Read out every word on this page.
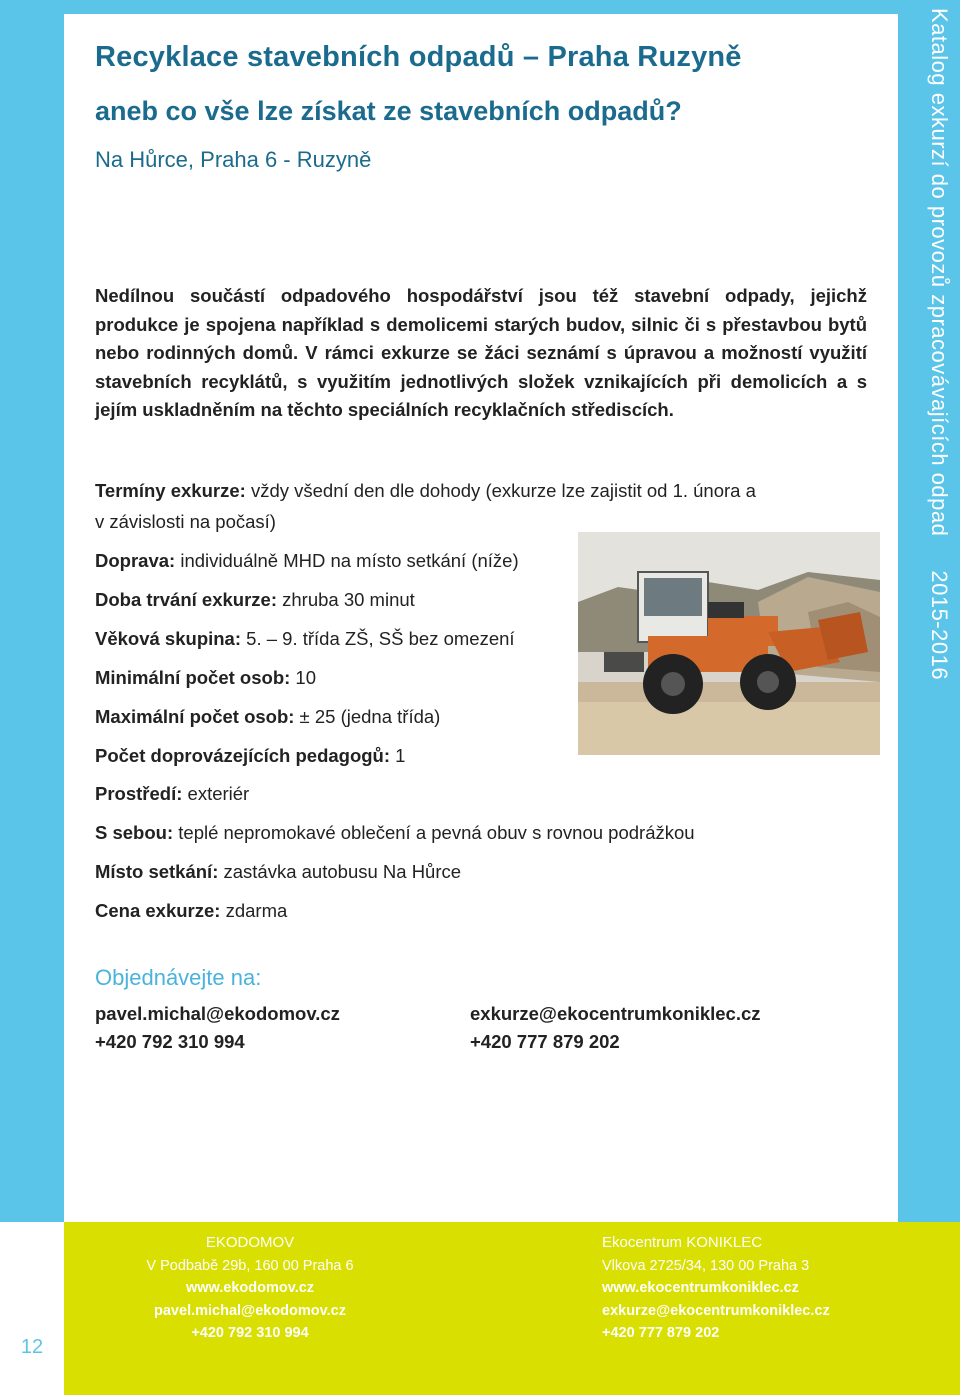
Katalog exkurzí do provozů zpracovávajících odpad2015-2016
Recyklace stavebních odpadů – Praha Ruzyně
aneb co vše lze získat ze stavebních odpadů?
Na Hůrce, Praha 6 - Ruzyně

Nedílnou součástí odpadového hospodářství jsou též stavební odpady, jejichž produkce je spojena například s demolicemi starých budov, silnic či s přestavbou bytů nebo rodinných domů. V rámci exkurze se žáci seznámí s úpravou a možností využití stavebních recyklátů, s využitím jednotlivých složek vznikajících při demolicích a s jejím uskladněním na těchto speciálních recyklačních střediscích.

Termíny exkurze: vždy všední den dle dohody (exkurze lze zajistit od 1. února a
v závislosti na počasí)
Doprava: individuálně MHD na místo setkání (níže)
Doba trvání exkurze: zhruba 30 minut
Věková skupina: 5. – 9. třída ZŠ, SŠ bez omezení
Minimální počet osob: 10
Maximální počet osob: ± 25 (jedna třída)
Počet doprovázejících pedagogů: 1
Prostředí: exteriér
S sebou: teplé nepromokavé oblečení a pevná obuv s rovnou podrážkou
Místo setkání: zastávka autobusu Na Hůrce
Cena exkurze: zdarma
Objednávejte na:
pavel.michal@ekodomov.cz
+420 792 310 994
exkurze@ekocentrumkoniklec.cz
+420 777 879 202
EKODOMOV
V Podbabě 29b, 160 00 Praha 6
www.ekodomov.cz
pavel.michal@ekodomov.cz
+420 792 310 994
Ekocentrum KONIKLEC
Vlkova 2725/34, 130 00 Praha 3
www.ekocentrumkoniklec.cz
exkurze@ekocentrumkoniklec.cz
+420 777 879 202
12
